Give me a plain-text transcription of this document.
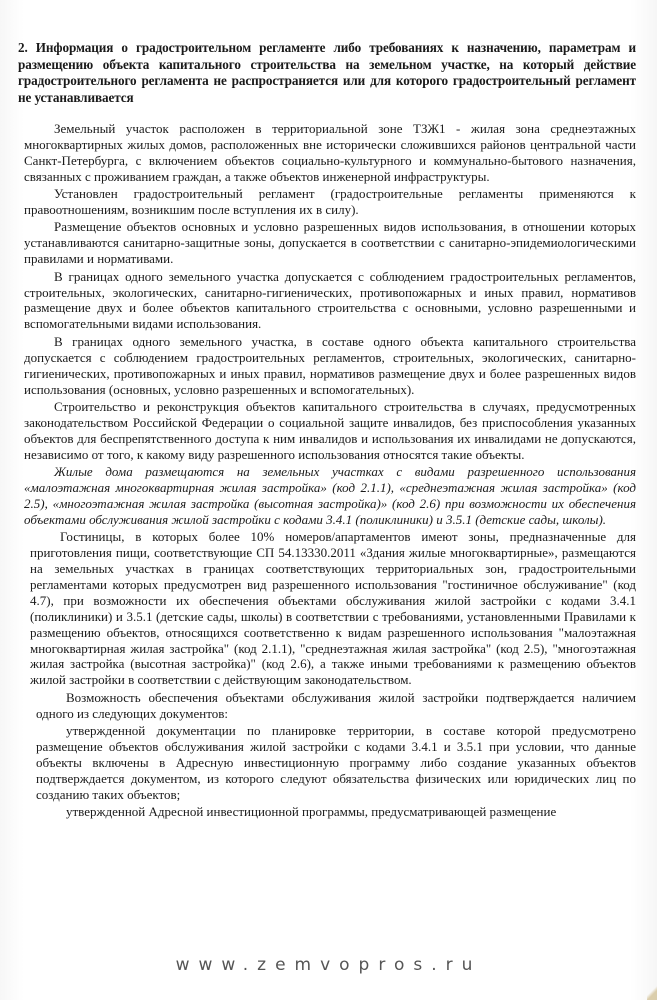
2. Информация о градостроительном регламенте либо требованиях к назначению, параметрам и размещению объекта капитального строительства на земельном участке, на который действие градостроительного регламента не распространяется или для которого градостроительный регламент не устанавливается

Земельный участок расположен в территориальной зоне ТЗЖ1 - жилая зона среднеэтажных многоквартирных жилых домов, расположенных вне исторически сложившихся районов центральной части Санкт-Петербурга, с включением объектов социально-культурного и коммунально-бытового назначения, связанных с проживанием граждан, а также объектов инженерной инфраструктуры.

Установлен градостроительный регламент (градостроительные регламенты применяются к правоотношениям, возникшим после вступления их в силу).

Размещение объектов основных и условно разрешенных видов использования, в отношении которых устанавливаются санитарно-защитные зоны, допускается в соответствии с санитарно-эпидемиологическими правилами и нормативами.

В границах одного земельного участка допускается с соблюдением градостроительных регламентов, строительных, экологических, санитарно-гигиенических, противопожарных и иных правил, нормативов размещение двух и более объектов капитального строительства с основными, условно разрешенными и вспомогательными видами использования.

В границах одного земельного участка, в составе одного объекта капитального строительства допускается с соблюдением градостроительных регламентов, строительных, экологических, санитарно-гигиенических, противопожарных и иных правил, нормативов размещение двух и более разрешенных видов использования (основных, условно разрешенных и вспомогательных).

Строительство и реконструкция объектов капитального строительства в случаях, предусмотренных законодательством Российской Федерации о социальной защите инвалидов, без приспособления указанных объектов для беспрепятственного доступа к ним инвалидов и использования их инвалидами не допускаются, независимо от того, к какому виду разрешенного использования относятся такие объекты.

Жилые дома размещаются на земельных участках с видами разрешенного использования «малоэтажная многоквартирная жилая застройка» (код 2.1.1), «среднеэтажная жилая застройка» (код 2.5), «многоэтажная жилая застройка (высотная застройка)» (код 2.6) при возможности их обеспечения объектами обслуживания жилой застройки с кодами 3.4.1 (поликлиники) и 3.5.1 (детские сады, школы).

Гостиницы, в которых более 10% номеров/апартаментов имеют зоны, предназначенные для приготовления пищи, соответствующие СП 54.13330.2011 «Здания жилые многоквартирные», размещаются на земельных участках в границах соответствующих территориальных зон, градостроительными регламентами которых предусмотрен вид разрешенного использования "гостиничное обслуживание" (код 4.7), при возможности их обеспечения объектами обслуживания жилой застройки с кодами 3.4.1 (поликлиники) и 3.5.1 (детские сады, школы) в соответствии с требованиями, установленными Правилами к размещению объектов, относящихся соответственно к видам разрешенного использования "малоэтажная многоквартирная жилая застройка" (код 2.1.1), "среднеэтажная жилая застройка" (код 2.5), "многоэтажная жилая застройка (высотная застройка)" (код 2.6), а также иными требованиями к размещению объектов жилой застройки в соответствии с действующим законодательством.

Возможность обеспечения объектами обслуживания жилой застройки подтверждается наличием одного из следующих документов:

утвержденной документации по планировке территории, в составе которой предусмотрено размещение объектов обслуживания жилой застройки с кодами 3.4.1 и 3.5.1 при условии, что данные объекты включены в Адресную инвестиционную программу либо создание указанных объектов подтверждается документом, из которого следуют обязательства физических или юридических лиц по созданию таких объектов;

утвержденной Адресной инвестиционной программы, предусматривающей размещение

www.zemvopros.ru
